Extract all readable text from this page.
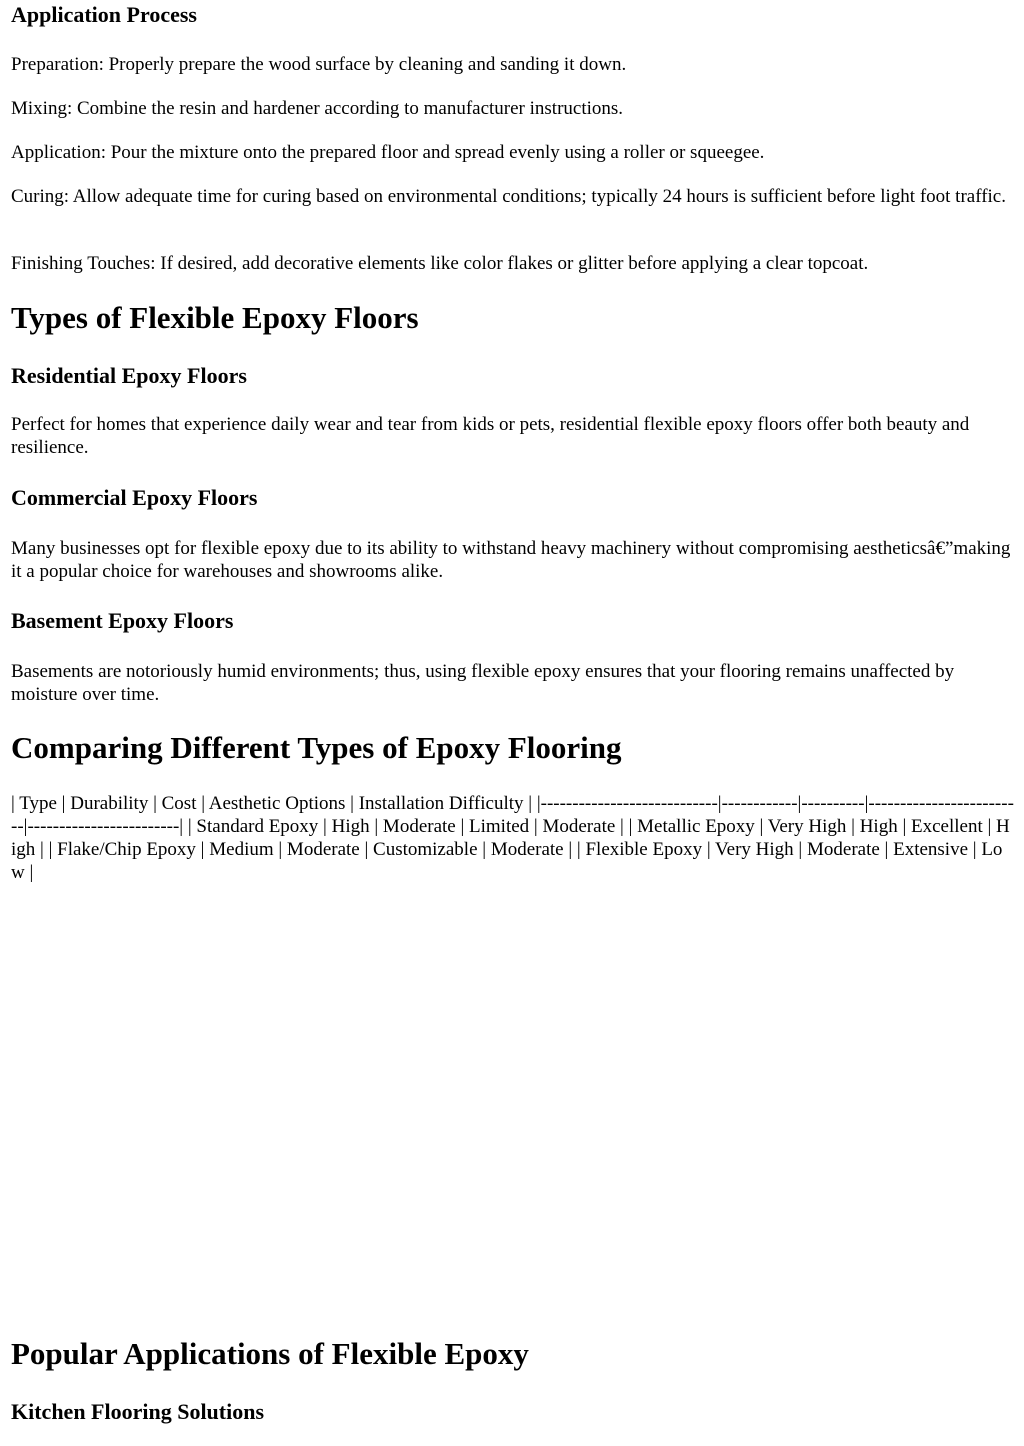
Application Process

Preparation: Properly prepare the wood surface by cleaning and sanding it down.

Mixing: Combine the resin and hardener according to manufacturer instructions.

Application: Pour the mixture onto the prepared floor and spread evenly using a roller or squeegee.

Curing: Allow adequate time for curing based on environmental conditions; typically 24 hours is sufficient before light foot traffic.

Finishing Touches: If desired, add decorative elements like color flakes or glitter before applying a clear topcoat.

Types of Flexible Epoxy Floors
Residential Epoxy Floors

Perfect for homes that experience daily wear and tear from kids or pets, residential flexible epoxy floors offer both beauty and resilience.

Commercial Epoxy Floors

Many businesses opt for flexible epoxy due to its ability to withstand heavy machinery without compromising aestheticsâ€”making it a popular choice for warehouses and showrooms alike.

Basement Epoxy Floors

Basements are notoriously humid environments; thus, using flexible epoxy ensures that your flooring remains unaffected by moisture over time.

Comparing Different Types of Epoxy Flooring

| Type | Durability | Cost | Aesthetic Options | Installation Difficulty | |----------------------------|------------|----------|-------------------------|------------------------| | Standard Epoxy | High | Moderate | Limited | Moderate | | Metallic Epoxy | Very High | High | Excellent | High | | Flake/Chip Epoxy | Medium | Moderate | Customizable | Moderate | | Flexible Epoxy | Very High | Moderate | Extensive | Low |

Popular Applications of Flexible Epoxy
Kitchen Flooring Solutions
